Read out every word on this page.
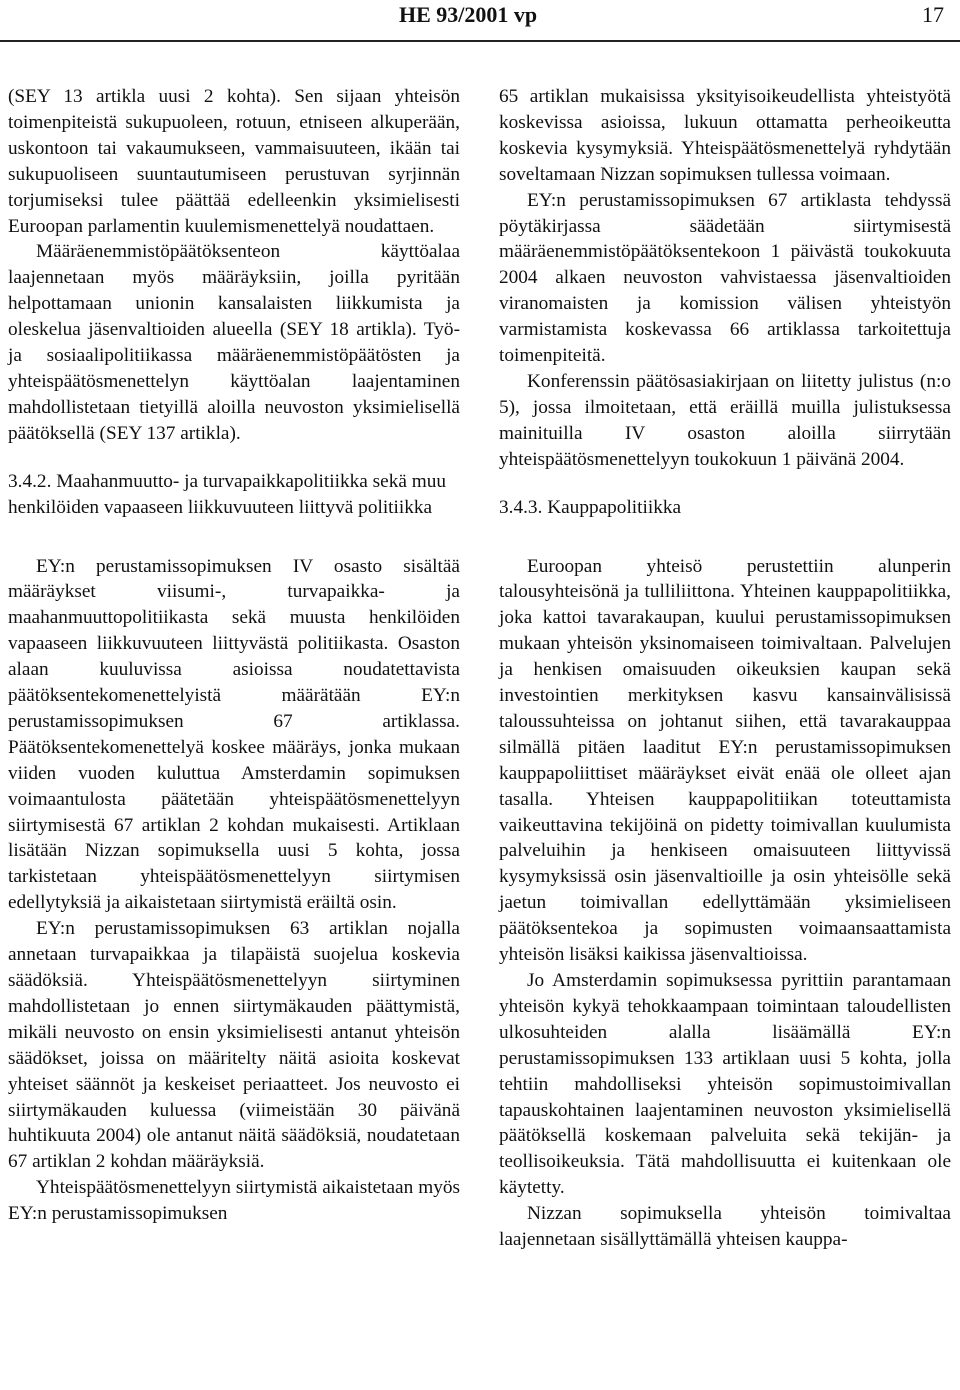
HE 93/2001 vp	17

(SEY 13 artikla uusi 2 kohta). Sen sijaan yhteisön toimenpiteistä sukupuoleen, rotuun, etniseen alkuperään, uskontoon tai vakaumukseen, vammaisuuteen, ikään tai sukupuoliseen suuntautumiseen perustuvan syrjinnän torjumiseksi tulee päättää edelleenkin yksimielisesti Euroopan parlamentin kuulemismenettelyä noudattaen.

Määräenemmistöpäätöksenteon käyttöalaa laajennetaan myös määräyksiin, joilla pyritään helpottamaan unionin kansalaisten liikkumista ja oleskelua jäsenvaltioiden alueella (SEY 18 artikla). Työ- ja sosiaalipolitiikassa määräenemmistöpäätösten ja yhteispäätösmenettelyn käyttöalan laajentaminen mahdollistetaan tietyillä aloilla neuvoston yksimielisellä päätöksellä (SEY 137 artikla).

3.4.2. Maahanmuutto- ja turvapaikkapolitiikka sekä muu henkilöiden vapaaseen liikkuvuuteen liittyvä politiikka

EY:n perustamissopimuksen IV osasto sisältää määräykset viisumi-, turvapaikka- ja maahanmuuttopolitiikasta sekä muusta henkilöiden vapaaseen liikkuvuuteen liittyvästä politiikasta. Osaston alaan kuuluvissa asioissa noudatettavista päätöksentekomenettelyistä määrätään EY:n perustamissopimuksen 67 artiklassa. Päätöksentekomenettelyä koskee määräys, jonka mukaan viiden vuoden kuluttua Amsterdamin sopimuksen voimaantulosta päätetään yhteispäätösmenettelyyn siirtymisestä 67 artiklan 2 kohdan mukaisesti. Artiklaan lisätään Nizzan sopimuksella uusi 5 kohta, jossa tarkistetaan yhteispäätösmenettelyyn siirtymisen edellytyksiä ja aikaistetaan siirtymistä eräiltä osin.

EY:n perustamissopimuksen 63 artiklan nojalla annetaan turvapaikkaa ja tilapäistä suojelua koskevia säädöksiä. Yhteispäätösmenettelyyn siirtyminen mahdollistetaan jo ennen siirtymäkauden päättymistä, mikäli neuvosto on ensin yksimielisesti antanut yhteisön säädökset, joissa on määritelty näitä asioita koskevat yhteiset säännöt ja keskeiset periaatteet. Jos neuvosto ei siirtymäkauden kuluessa (viimeistään 30 päivänä huhtikuuta 2004) ole antanut näitä säädöksiä, noudatetaan 67 artiklan 2 kohdan määräyksiä.

Yhteispäätösmenettelyyn siirtymistä aikaistetaan myös EY:n perustamissopimuksen

65 artiklan mukaisissa yksityisoikeudellista yhteistyötä koskevissa asioissa, lukuun ottamatta perheoikeutta koskevia kysymyksiä. Yhteispäätösmenettelyä ryhdytään soveltamaan Nizzan sopimuksen tullessa voimaan.

EY:n perustamissopimuksen 67 artiklasta tehdyssä pöytäkirjassa säädetään siirtymisestä määräenemmistöpäätöksentekoon 1 päivästä toukokuuta 2004 alkaen neuvoston vahvistaessa jäsenvaltioiden viranomaisten ja komission välisen yhteistyön varmistamista koskevassa 66 artiklassa tarkoitettuja toimenpiteitä.

Konferenssin päätösasiakirjaan on liitetty julistus (n:o 5), jossa ilmoitetaan, että eräillä muilla julistuksessa mainituilla IV osaston aloilla siirrytään yhteispäätösmenettelyyn toukokuun 1 päivänä 2004.

3.4.3. Kauppapolitiikka

Euroopan yhteisö perustettiin alunperin talousyhteisönä ja tulliliittona. Yhteinen kauppapolitiikka, joka kattoi tavarakaupan, kuului perustamissopimuksen mukaan yhteisön yksinomaiseen toimivaltaan. Palvelujen ja henkisen omaisuuden oikeuksien kaupan sekä investointien merkityksen kasvu kansainvälisissä taloussuhteissa on johtanut siihen, että tavarakauppaa silmällä pitäen laaditut EY:n perustamissopimuksen kauppapoliittiset määräykset eivät enää ole olleet ajan tasalla. Yhteisen kauppapolitiikan toteuttamista vaikeuttavina tekijöinä on pidetty toimivallan kuulumista palveluihin ja henkiseen omaisuuteen liittyvissä kysymyksissä osin jäsenvaltioille ja osin yhteisölle sekä jaetun toimivallan edellyttämään yksimieliseen päätöksentekoa ja sopimusten voimaansaattamista yhteisön lisäksi kaikissa jäsenvaltioissa.

Jo Amsterdamin sopimuksessa pyrittiin parantamaan yhteisön kykyä tehokkaampaan toimintaan taloudellisten ulkosuhteiden alalla lisäämällä EY:n perustamissopimuksen 133 artiklaan uusi 5 kohta, jolla tehtiin mahdolliseksi yhteisön sopimustoimivallan tapauskohtainen laajentaminen neuvoston yksimielisellä päätöksellä koskemaan palveluita sekä tekijän- ja teollisoikeuksia. Tätä mahdollisuutta ei kuitenkaan ole käytetty.

Nizzan sopimuksella yhteisön toimivaltaa laajennetaan sisällyttämällä yhteisen kauppa-
